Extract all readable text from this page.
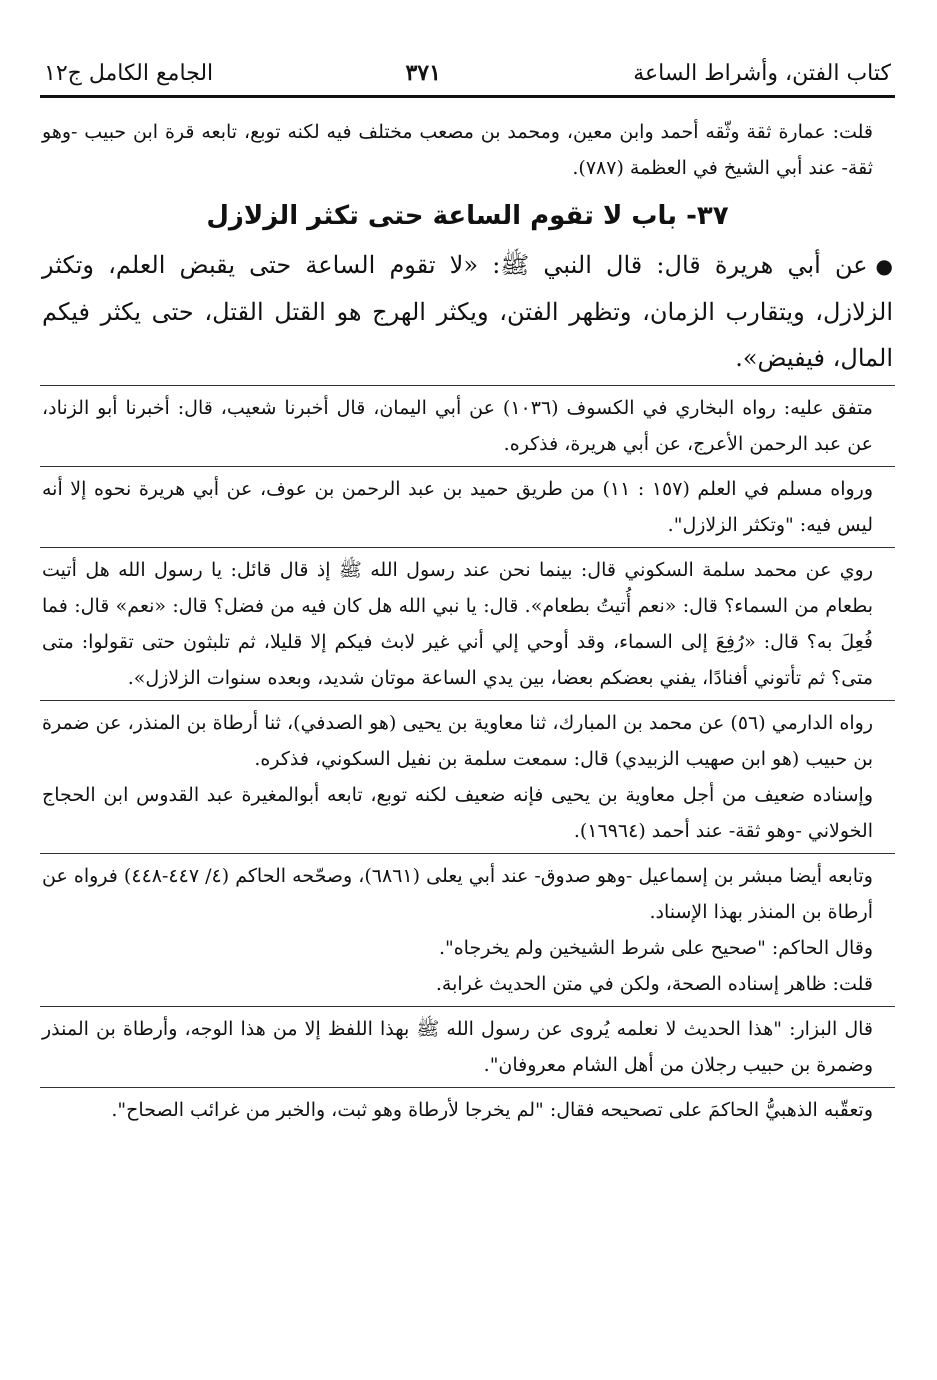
كتاب الفتن، وأشراط الساعة
٣٧١
الجامع الكامل ج١٢

قلت: عمارة ثقة وثّقه أحمد وابن معين، ومحمد بن مصعب مختلف فيه لكنه توبع، تابعه قرة ابن حبيب -وهو ثقة- عند أبي الشيخ في العظمة (٧٨٧).

٣٧- باب لا تقوم الساعة حتى تكثر الزلازل

●عن أبي هريرة قال: قال النبي ﷺ: «لا تقوم الساعة حتى يقبض العلم، وتكثر الزلازل، ويتقارب الزمان، وتظهر الفتن، ويكثر الهرج هو القتل القتل، حتى يكثر فيكم المال، فيفيض».

متفق عليه: رواه البخاري في الكسوف (١٠٣٦) عن أبي اليمان، قال أخبرنا شعيب، قال: أخبرنا أبو الزناد، عن عبد الرحمن الأعرج، عن أبي هريرة، فذكره.

ورواه مسلم في العلم (١٥٧ : ١١) من طريق حميد بن عبد الرحمن بن عوف، عن أبي هريرة نحوه إلا أنه ليس فيه: "وتكثر الزلازل".

روي عن محمد سلمة السكوني قال: بينما نحن عند رسول الله ﷺ إذ قال قائل: يا رسول الله هل أتيت بطعام من السماء؟ قال: «نعم أُتيتُ بطعام». قال: يا نبي الله هل كان فيه من فضل؟ قال: «نعم» قال: فما فُعِلَ به؟ قال: «رُفِعَ إلى السماء، وقد أوحي إلي أني غير لابث فيكم إلا قليلا، ثم تلبثون حتى تقولوا: متى متى؟ ثم تأتوني أفنادًا، يفني بعضكم بعضا، بين يدي الساعة موتان شديد، وبعده سنوات الزلازل».

رواه الدارمي (٥٦) عن محمد بن المبارك، ثنا معاوية بن يحيى (هو الصدفي)، ثنا أرطاة بن المنذر، عن ضمرة بن حبيب (هو ابن صهيب الزبيدي) قال: سمعت سلمة بن نفيل السكوني، فذكره.

وإسناده ضعيف من أجل معاوية بن يحيى فإنه ضعيف لكنه توبع، تابعه أبوالمغيرة عبد القدوس ابن الحجاج الخولاني -وهو ثقة- عند أحمد (١٦٩٦٤).

وتابعه أيضا مبشر بن إسماعيل -وهو صدوق- عند أبي يعلى (٦٨٦١)، وصحّحه الحاكم (٤/ ٤٤٧-٤٤٨) فرواه عن أرطاة بن المنذر بهذا الإسناد.

وقال الحاكم: "صحيح على شرط الشيخين ولم يخرجاه".

قلت: ظاهر إسناده الصحة، ولكن في متن الحديث غرابة.

قال البزار: "هذا الحديث لا نعلمه يُروى عن رسول الله ﷺ بهذا اللفظ إلا من هذا الوجه، وأرطاة بن المنذر وضمرة بن حبيب رجلان من أهل الشام معروفان".

وتعقّبه الذهبيُّ الحاكمَ على تصحيحه فقال: "لم يخرجا لأرطاة وهو ثبت، والخبر من غرائب الصحاح".
